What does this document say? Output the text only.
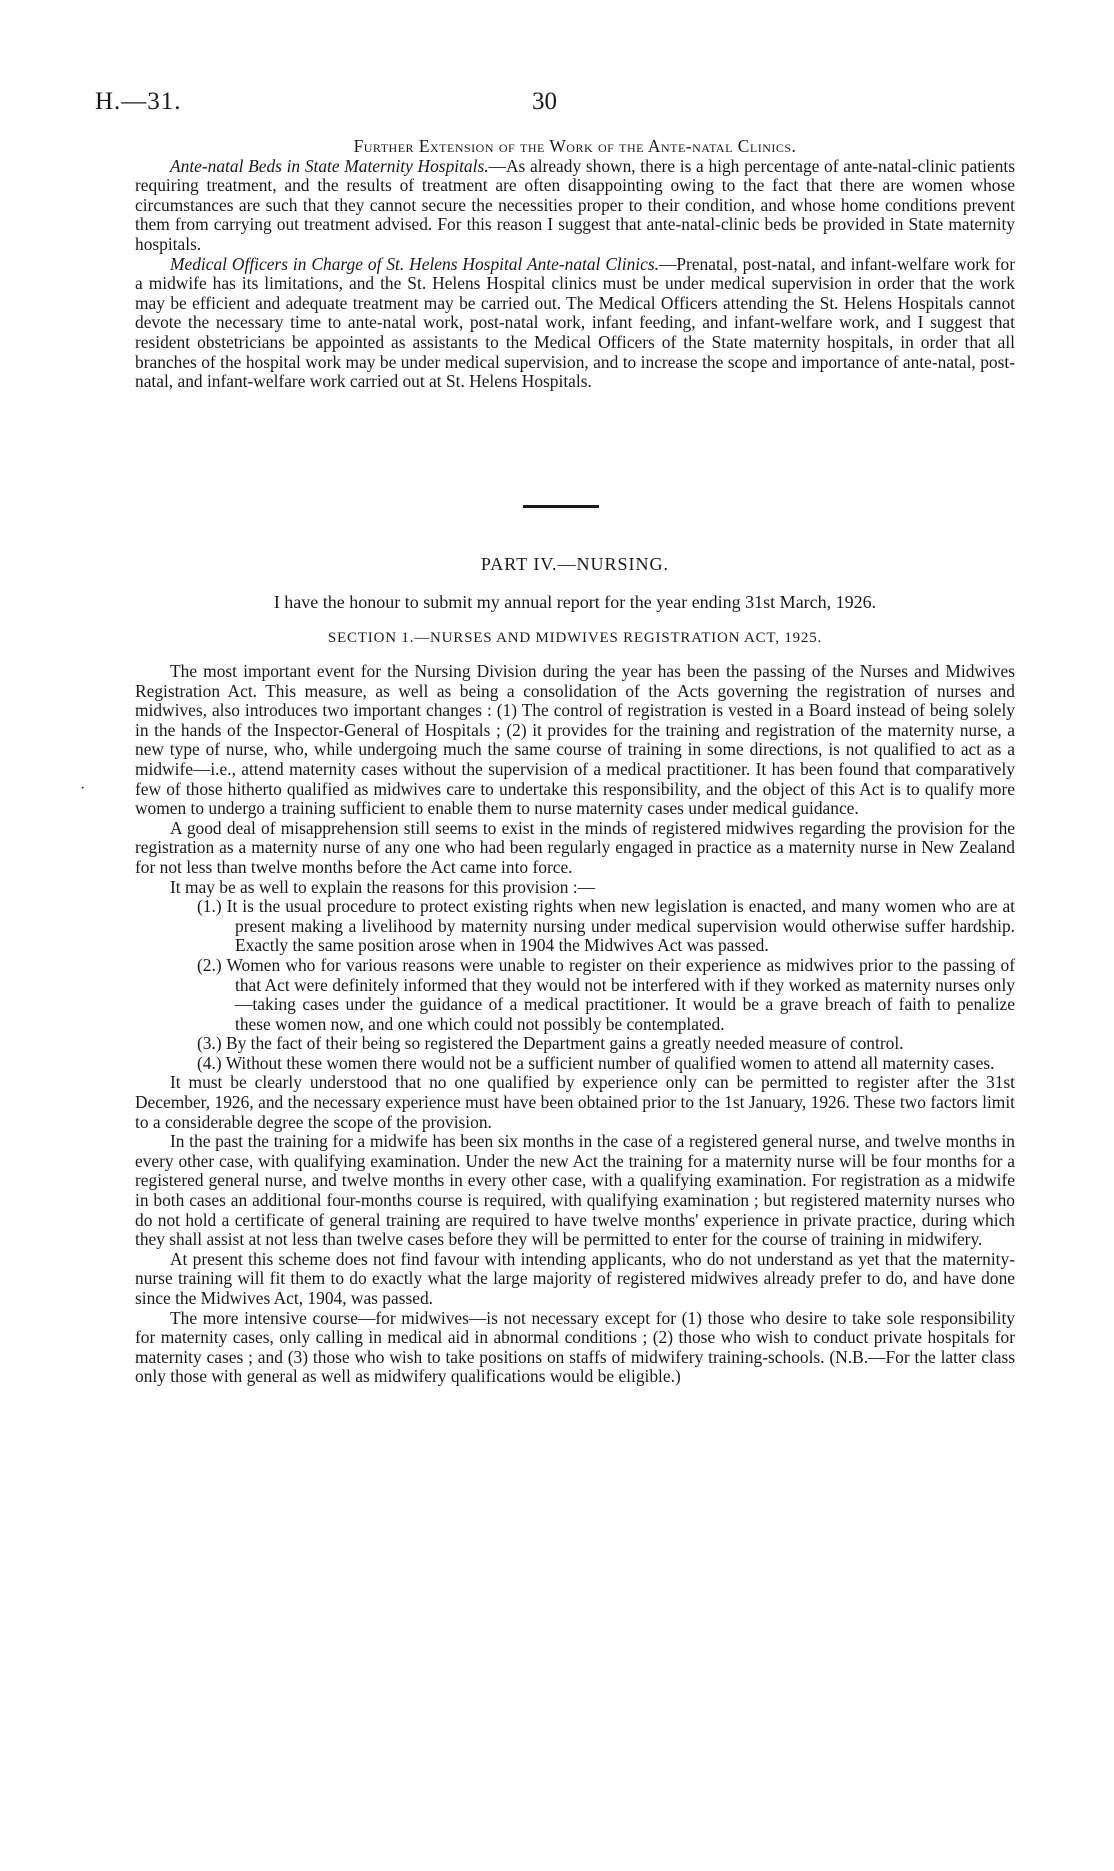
H.—31.	30
Further Extension of the Work of the Ante-natal Clinics.

Ante-natal Beds in State Maternity Hospitals.—As already shown, there is a high percentage of ante-natal-clinic patients requiring treatment, and the results of treatment are often disappointing owing to the fact that there are women whose circumstances are such that they cannot secure the necessities proper to their condition, and whose home conditions prevent them from carrying out treatment advised. For this reason I suggest that ante-natal-clinic beds be provided in State maternity hospitals.

Medical Officers in Charge of St. Helens Hospital Ante-natal Clinics.—Prenatal, post-natal, and infant-welfare work for a midwife has its limitations, and the St. Helens Hospital clinics must be under medical supervision in order that the work may be efficient and adequate treatment may be carried out. The Medical Officers attending the St. Helens Hospitals cannot devote the necessary time to ante-natal work, post-natal work, infant feeding, and infant-welfare work, and I suggest that resident obstetricians be appointed as assistants to the Medical Officers of the State maternity hospitals, in order that all branches of the hospital work may be under medical supervision, and to increase the scope and importance of ante-natal, post-natal, and infant-welfare work carried out at St. Helens Hospitals.

PART IV.—NURSING.
I have the honour to submit my annual report for the year ending 31st March, 1926.
SECTION 1.—NURSES AND MIDWIVES REGISTRATION ACT, 1925.
·

The most important event for the Nursing Division during the year has been the passing of the Nurses and Midwives Registration Act. This measure, as well as being a consolidation of the Acts governing the registration of nurses and midwives, also introduces two important changes : (1) The control of registration is vested in a Board instead of being solely in the hands of the Inspector-General of Hospitals ; (2) it provides for the training and registration of the maternity nurse, a new type of nurse, who, while undergoing much the same course of training in some directions, is not qualified to act as a midwife—i.e., attend maternity cases without the supervision of a medical practitioner. It has been found that comparatively few of those hitherto qualified as midwives care to undertake this responsibility, and the object of this Act is to qualify more women to undergo a training sufficient to enable them to nurse maternity cases under medical guidance.

A good deal of misapprehension still seems to exist in the minds of registered midwives regarding the provision for the registration as a maternity nurse of any one who had been regularly engaged in practice as a maternity nurse in New Zealand for not less than twelve months before the Act came into force.

It may be as well to explain the reasons for this provision :—

(1.) It is the usual procedure to protect existing rights when new legislation is enacted, and many women who are at present making a livelihood by maternity nursing under medical supervision would otherwise suffer hardship. Exactly the same position arose when in 1904 the Midwives Act was passed.

(2.) Women who for various reasons were unable to register on their experience as midwives prior to the passing of that Act were definitely informed that they would not be interfered with if they worked as maternity nurses only—taking cases under the guidance of a medical practitioner. It would be a grave breach of faith to penalize these women now, and one which could not possibly be contemplated.

(3.) By the fact of their being so registered the Department gains a greatly needed measure of control.

(4.) Without these women there would not be a sufficient number of qualified women to attend all maternity cases.

It must be clearly understood that no one qualified by experience only can be permitted to register after the 31st December, 1926, and the necessary experience must have been obtained prior to the 1st January, 1926. These two factors limit to a considerable degree the scope of the provision.

In the past the training for a midwife has been six months in the case of a registered general nurse, and twelve months in every other case, with qualifying examination. Under the new Act the training for a maternity nurse will be four months for a registered general nurse, and twelve months in every other case, with a qualifying examination. For registration as a midwife in both cases an additional four-months course is required, with qualifying examination ; but registered maternity nurses who do not hold a certificate of general training are required to have twelve months' experience in private practice, during which they shall assist at not less than twelve cases before they will be permitted to enter for the course of training in midwifery.

At present this scheme does not find favour with intending applicants, who do not understand as yet that the maternity-nurse training will fit them to do exactly what the large majority of registered midwives already prefer to do, and have done since the Midwives Act, 1904, was passed.

The more intensive course—for midwives—is not necessary except for (1) those who desire to take sole responsibility for maternity cases, only calling in medical aid in abnormal conditions ; (2) those who wish to conduct private hospitals for maternity cases ; and (3) those who wish to take positions on staffs of midwifery training-schools. (N.B.—For the latter class only those with general as well as midwifery qualifications would be eligible.)
